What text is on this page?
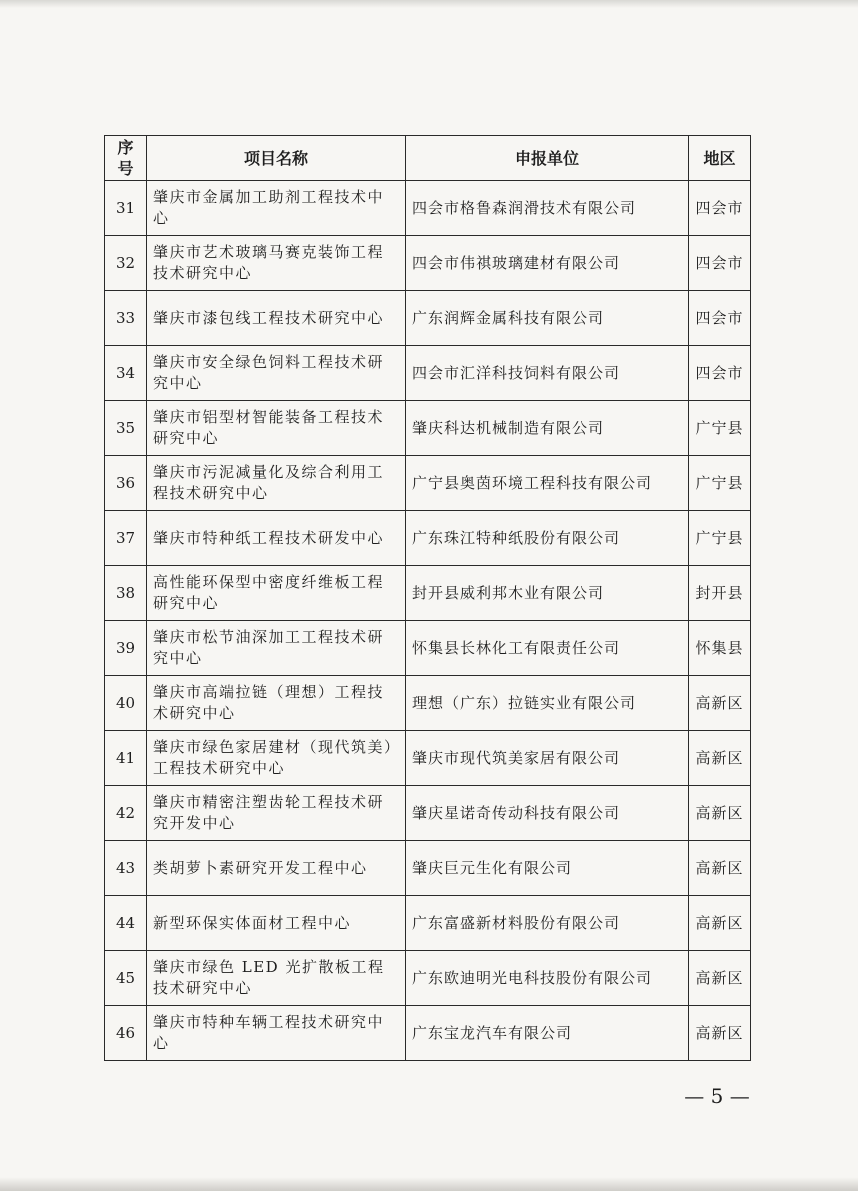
序号	项目名称	申报单位	地区
31	肇庆市金属加工助剂工程技术中心	四会市格鲁森润滑技术有限公司	四会市
32	肇庆市艺术玻璃马赛克装饰工程技术研究中心	四会市伟祺玻璃建材有限公司	四会市
33	肇庆市漆包线工程技术研究中心	广东润辉金属科技有限公司	四会市
34	肇庆市安全绿色饲料工程技术研究中心	四会市汇洋科技饲料有限公司	四会市
35	肇庆市铝型材智能装备工程技术研究中心	肇庆科达机械制造有限公司	广宁县
36	肇庆市污泥减量化及综合利用工程技术研究中心	广宁县奥茵环境工程科技有限公司	广宁县
37	肇庆市特种纸工程技术研发中心	广东珠江特种纸股份有限公司	广宁县
38	高性能环保型中密度纤维板工程研究中心	封开县威利邦木业有限公司	封开县
39	肇庆市松节油深加工工程技术研究中心	怀集县长林化工有限责任公司	怀集县
40	肇庆市高端拉链（理想）工程技术研究中心	理想（广东）拉链实业有限公司	高新区
41	肇庆市绿色家居建材（现代筑美）工程技术研究中心	肇庆市现代筑美家居有限公司	高新区
42	肇庆市精密注塑齿轮工程技术研究开发中心	肇庆星诺奇传动科技有限公司	高新区
43	类胡萝卜素研究开发工程中心	肇庆巨元生化有限公司	高新区
44	新型环保实体面材工程中心	广东富盛新材料股份有限公司	高新区
45	肇庆市绿色 LED 光扩散板工程技术研究中心	广东欧迪明光电科技股份有限公司	高新区
46	肇庆市特种车辆工程技术研究中心	广东宝龙汽车有限公司	高新区
— 5 —
